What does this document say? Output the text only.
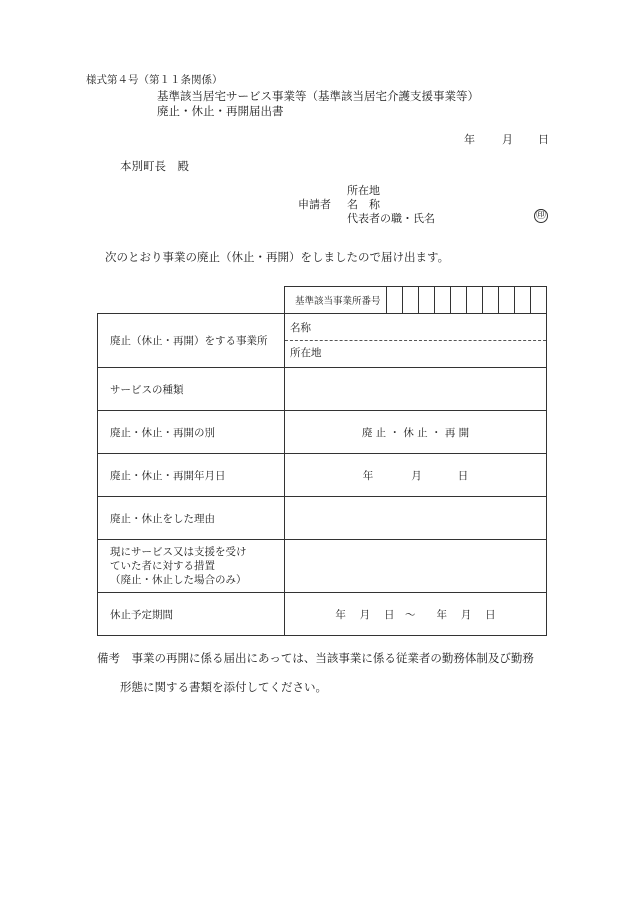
様式第４号（第１１条関係）
基準該当居宅サービス事業等（基準該当居宅介護支援事業等）
廃止・休止・再開届出書
年 月 日
本別町長　殿
所在地
申請者 名　称
代表者の職・氏名	㊞
次のとおり事業の廃止（休止・再開）をしましたので届け出ます。

	基準該当事業所番号

廃止（休止・再開）をする事業所	名称
所在地

サービスの種類	
廃止・休止・再開の別	廃 止 ・ 休 止 ・ 再 開
廃止・休止・再開年月日	年 月 日
廃止・休止をした理由	

現にサービス又は支援を受け
ていた者に対する措置
（廃止・休止した場合のみ）	

休止予定期間	年　 月　 日　～　　年　 月　 日
備考　事業の再開に係る届出にあっては、当該事業に係る従業者の勤務体制及び勤務
形態に関する書類を添付してください。
